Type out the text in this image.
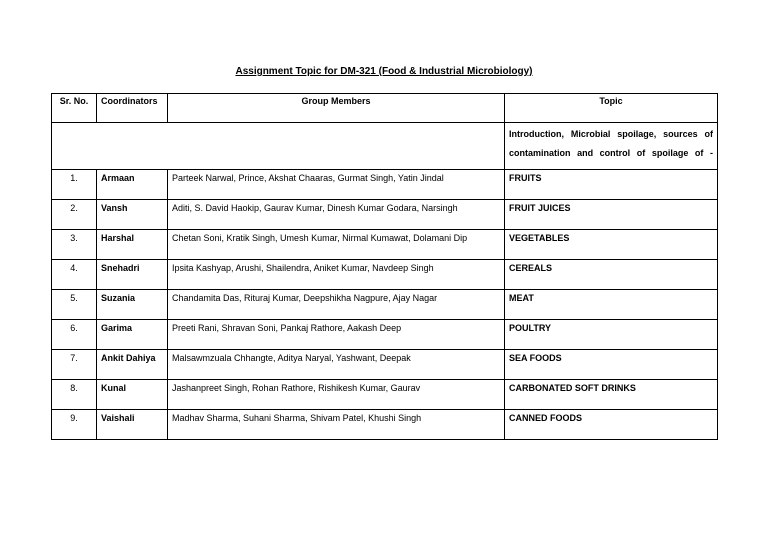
Assignment Topic for DM-321 (Food & Industrial Microbiology)
Sr. No.	Coordinators	Group Members	Topic
			Introduction, Microbial spoilage, sources of contamination and control of spoilage of -
1.	Armaan	Parteek Narwal, Prince, Akshat Chaaras, Gurmat Singh, Yatin Jindal	FRUITS
2.	Vansh	Aditi, S. David Haokip, Gaurav Kumar, Dinesh Kumar Godara, Narsingh	FRUIT JUICES
3.	Harshal	Chetan Soni, Kratik Singh, Umesh Kumar, Nirmal Kumawat, Dolamani Dip	VEGETABLES
4.	Snehadri	Ipsita Kashyap, Arushi, Shailendra, Aniket Kumar, Navdeep Singh	CEREALS
5.	Suzania	Chandamita Das, Rituraj Kumar, Deepshikha Nagpure, Ajay Nagar	MEAT
6.	Garima	Preeti Rani, Shravan Soni, Pankaj Rathore, Aakash Deep	POULTRY
7.	Ankit Dahiya	Malsawmzuala Chhangte, Aditya Naryal, Yashwant, Deepak	SEA FOODS
8.	Kunal	Jashanpreet Singh, Rohan Rathore, Rishikesh Kumar, Gaurav	CARBONATED SOFT DRINKS
9.	Vaishali	Madhav Sharma, Suhani Sharma, Shivam Patel, Khushi Singh	CANNED FOODS
